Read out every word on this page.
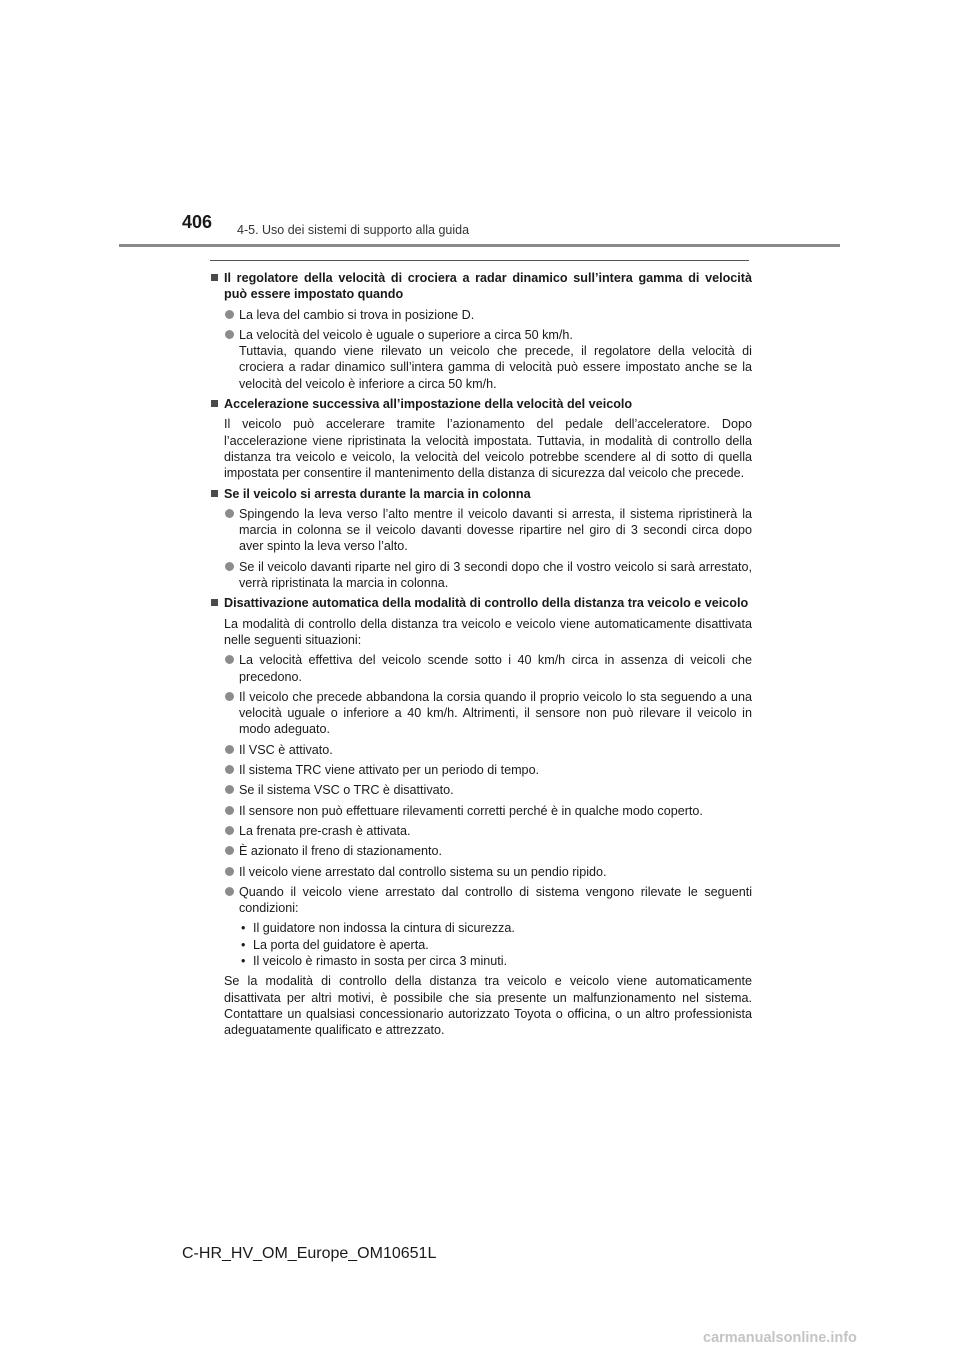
406 4-5. Uso dei sistemi di supporto alla guida
Il regolatore della velocità di crociera a radar dinamico sull’intera gamma di velocità può essere impostato quando
La leva del cambio si trova in posizione D.
La velocità del veicolo è uguale o superiore a circa 50 km/h.
Tuttavia, quando viene rilevato un veicolo che precede, il regolatore della velocità di crociera a radar dinamico sull’intera gamma di velocità può essere impostato anche se la velocità del veicolo è inferiore a circa 50 km/h.
Accelerazione successiva all’impostazione della velocità del veicolo
Il veicolo può accelerare tramite l’azionamento del pedale dell’acceleratore. Dopo l’accelerazione viene ripristinata la velocità impostata. Tuttavia, in modalità di controllo della distanza tra veicolo e veicolo, la velocità del veicolo potrebbe scendere al di sotto di quella impostata per consentire il mantenimento della distanza di sicurezza dal veicolo che precede.
Se il veicolo si arresta durante la marcia in colonna
Spingendo la leva verso l’alto mentre il veicolo davanti si arresta, il sistema ripristinerà la marcia in colonna se il veicolo davanti dovesse ripartire nel giro di 3 secondi circa dopo aver spinto la leva verso l’alto.
Se il veicolo davanti riparte nel giro di 3 secondi dopo che il vostro veicolo si sarà arrestato, verrà ripristinata la marcia in colonna.
Disattivazione automatica della modalità di controllo della distanza tra veicolo e veicolo
La modalità di controllo della distanza tra veicolo e veicolo viene automaticamente disattivata nelle seguenti situazioni:
La velocità effettiva del veicolo scende sotto i 40 km/h circa in assenza di veicoli che precedono.
Il veicolo che precede abbandona la corsia quando il proprio veicolo lo sta seguendo a una velocità uguale o inferiore a 40 km/h. Altrimenti, il sensore non può rilevare il veicolo in modo adeguato.
Il VSC è attivato.
Il sistema TRC viene attivato per un periodo di tempo.
Se il sistema VSC o TRC è disattivato.
Il sensore non può effettuare rilevamenti corretti perché è in qualche modo coperto.
La frenata pre-crash è attivata.
È azionato il freno di stazionamento.
Il veicolo viene arrestato dal controllo sistema su un pendio ripido.
Quando il veicolo viene arrestato dal controllo di sistema vengono rilevate le seguenti condizioni:
• Il guidatore non indossa la cintura di sicurezza.
• La porta del guidatore è aperta.
• Il veicolo è rimasto in sosta per circa 3 minuti.
Se la modalità di controllo della distanza tra veicolo e veicolo viene automaticamente disattivata per altri motivi, è possibile che sia presente un malfunzionamento nel sistema. Contattare un qualsiasi concessionario autorizzato Toyota o officina, o un altro professionista adeguatamente qualificato e attrezzato.
C-HR_HV_OM_Europe_OM10651L
carmanualsonline.info
